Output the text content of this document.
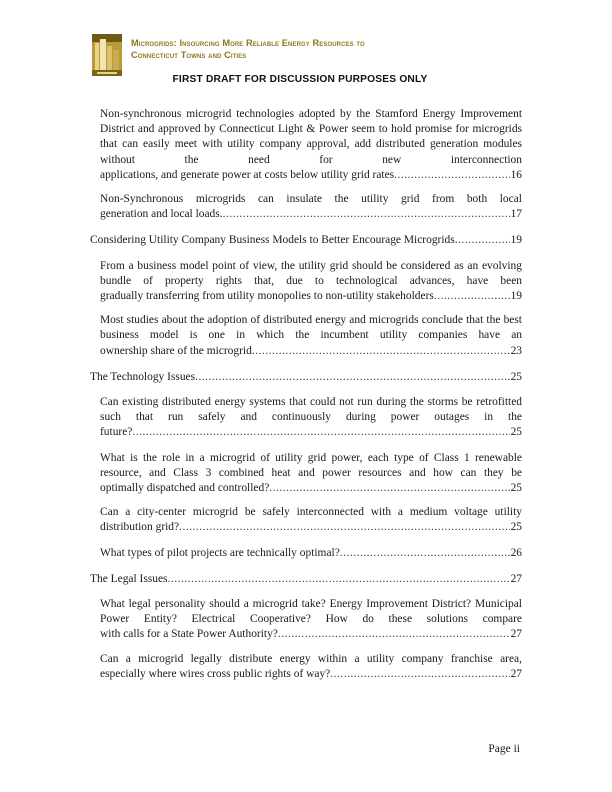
Microgrids: Insourcing More Reliable Energy Resources to
Connecticut Towns and Cities
FIRST DRAFT FOR DISCUSSION PURPOSES ONLY
Non-synchronous microgrid technologies adopted by the Stamford Energy Improvement District and approved by Connecticut Light & Power seem to hold promise for microgrids that can easily meet with utility company approval, add distributed generation modules without the need for new interconnection
applications, and generate power at costs below utility grid rates .....	16
Non-Synchronous microgrids can insulate the utility grid from both local
generation and local loads. .....	17
Considering Utility Company Business Models to Better Encourage Microgrids .....	19
From a business model point of view, the utility grid should be considered as an evolving bundle of property rights that, due to technological advances, have been
gradually transferring from utility monopolies to non-utility stakeholders .....	19
Most studies about the adoption of distributed energy and microgrids conclude that the best business model is one in which the incumbent utility companies have an
ownership share of the microgrid .....	23
The Technology Issues .....	25
Can existing distributed energy systems that could not run during the storms be retrofitted such that run safely and continuously during power outages in the
future? .....	25
What is the role in a microgrid of utility grid power, each type of Class 1 renewable resource, and Class 3 combined heat and power resources and how can they be
optimally dispatched and controlled? .....	25
Can a city-center microgrid be safely interconnected with a medium voltage utility
distribution grid? .....	25
What types of pilot projects are technically optimal? .....	26
The Legal Issues .....	27
What legal personality should a microgrid take? Energy Improvement District? Municipal Power Entity? Electrical Cooperative? How do these solutions compare
with calls for a State Power Authority? .....	27
Can a microgrid legally distribute energy within a utility company franchise area,
especially where wires cross public rights of way? .....	27
Page ii
